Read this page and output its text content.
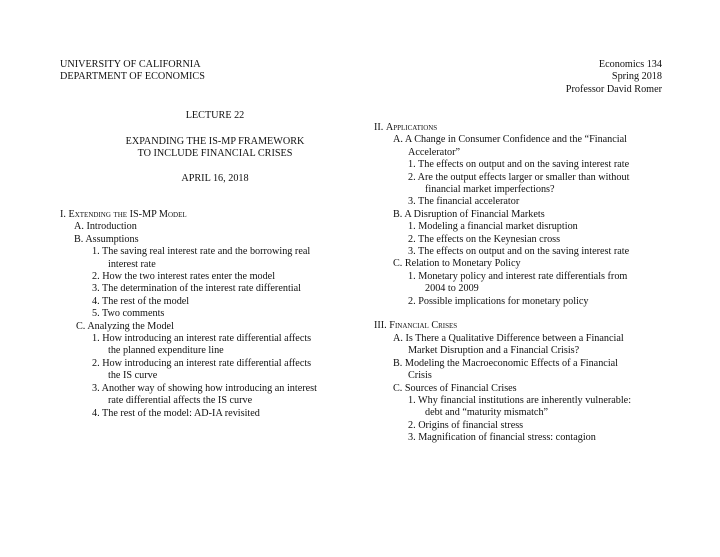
UNIVERSITY OF CALIFORNIA
DEPARTMENT OF ECONOMICS
Economics 134
Spring 2018
Professor David Romer
LECTURE 22
EXPANDING THE IS-MP FRAMEWORK
TO INCLUDE FINANCIAL CRISES
APRIL 16, 2018
I. Extending the IS-MP Model
A. Introduction
B. Assumptions
1. The saving real interest rate and the borrowing real
interest rate
2. How the two interest rates enter the model
3. The determination of the interest rate differential
4. The rest of the model
5. Two comments
C. Analyzing the Model
1. How introducing an interest rate differential affects
the planned expenditure line
2. How introducing an interest rate differential affects
the IS curve
3. Another way of showing how introducing an interest
rate differential affects the IS curve
4. The rest of the model: AD-IA revisited
II. Applications
A. A Change in Consumer Confidence and the “Financial
Accelerator”
1. The effects on output and on the saving interest rate
2. Are the output effects larger or smaller than without
financial market imperfections?
3. The financial accelerator
B. A Disruption of Financial Markets
1. Modeling a financial market disruption
2. The effects on the Keynesian cross
3. The effects on output and on the saving interest rate
C. Relation to Monetary Policy
1. Monetary policy and interest rate differentials from
2004 to 2009
2. Possible implications for monetary policy
III. Financial Crises
A. Is There a Qualitative Difference between a Financial
Market Disruption and a Financial Crisis?
B. Modeling the Macroeconomic Effects of a Financial
Crisis
C. Sources of Financial Crises
1. Why financial institutions are inherently vulnerable:
debt and “maturity mismatch”
2. Origins of financial stress
3. Magnification of financial stress: contagion
